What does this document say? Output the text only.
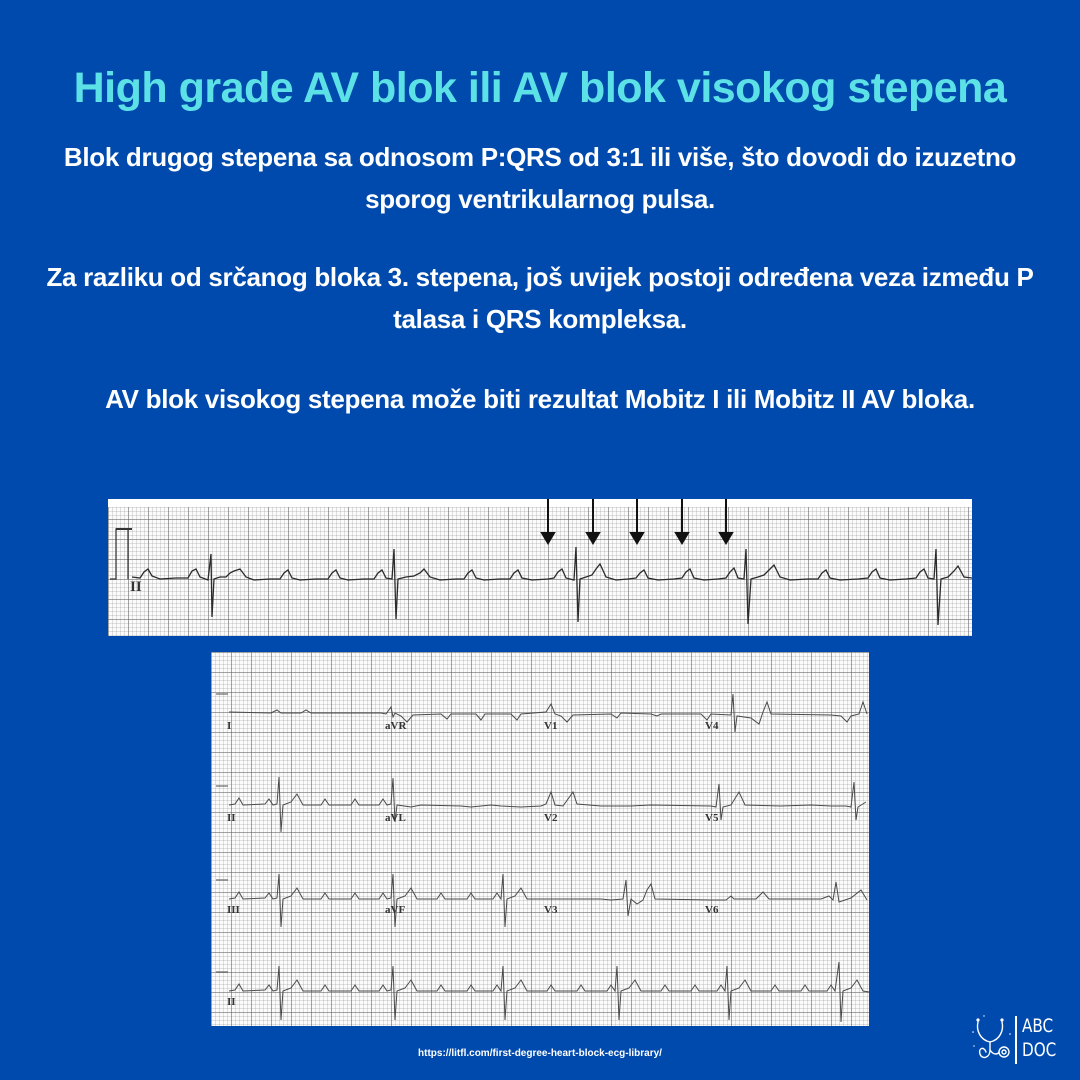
High grade AV blok ili AV blok visokog stepena
Blok drugog stepena sa odnosom P:QRS od 3:1 ili više, što dovodi do izuzetno sporog ventrikularnog pulsa.
Za razliku od srčanog bloka 3. stepena, još uvijek postoji određena veza između P talasa i QRS kompleksa.
AV blok visokog stepena može biti rezultat Mobitz I ili Mobitz II AV bloka.
II
I	aVR	V1	V4
II	aVL	V2	V5
III	aVF	V3	V6
II
https://litfl.com/first-degree-heart-block-ecg-library/
ABC
DOC
